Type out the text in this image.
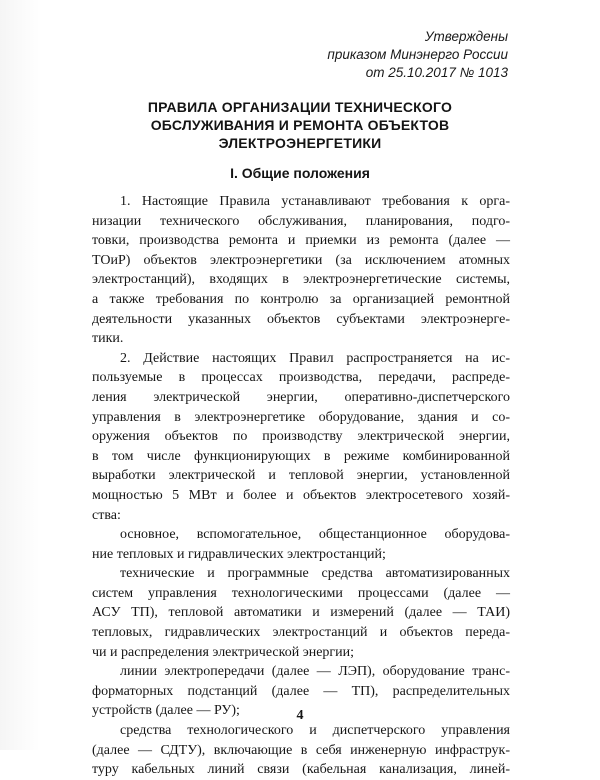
Утверждены
приказом Минэнерго России
от 25.10.2017 № 1013
ПРАВИЛА ОРГАНИЗАЦИИ ТЕХНИЧЕСКОГО
ОБСЛУЖИВАНИЯ И РЕМОНТА ОБЪЕКТОВ
ЭЛЕКТРОЭНЕРГЕТИКИ
I. Общие положения
1. Настоящие Правила устанавливают требования к орга-
низации технического обслуживания, планирования, подго-
товки, производства ремонта и приемки из ремонта (далее —
ТОиР) объектов электроэнергетики (за исключением атомных
электростанций), входящих в электроэнергетические системы,
а также требования по контролю за организацией ремонтной
деятельности указанных объектов субъектами электроэнерге-
тики.
2. Действие настоящих Правил распространяется на ис-
пользуемые в процессах производства, передачи, распреде-
ления электрической энергии, оперативно-диспетчерского
управления в электроэнергетике оборудование, здания и со-
оружения объектов по производству электрической энергии,
в том числе функционирующих в режиме комбинированной
выработки электрической и тепловой энергии, установленной
мощностью 5 МВт и более и объектов электросетевого хозяй-
ства:
основное, вспомогательное, общестанционное оборудова-
ние тепловых и гидравлических электростанций;
технические и программные средства автоматизированных
систем управления технологическими процессами (далее —
АСУ ТП), тепловой автоматики и измерений (далее — ТАИ)
тепловых, гидравлических электростанций и объектов переда-
чи и распределения электрической энергии;
линии электропередачи (далее — ЛЭП), оборудование транс-
форматорных подстанций (далее — ТП), распределительных
устройств (далее — РУ);
средства технологического и диспетчерского управления
(далее — СДТУ), включающие в себя инженерную инфраструк-
туру кабельных линий связи (кабельная канализация, линей-
4
